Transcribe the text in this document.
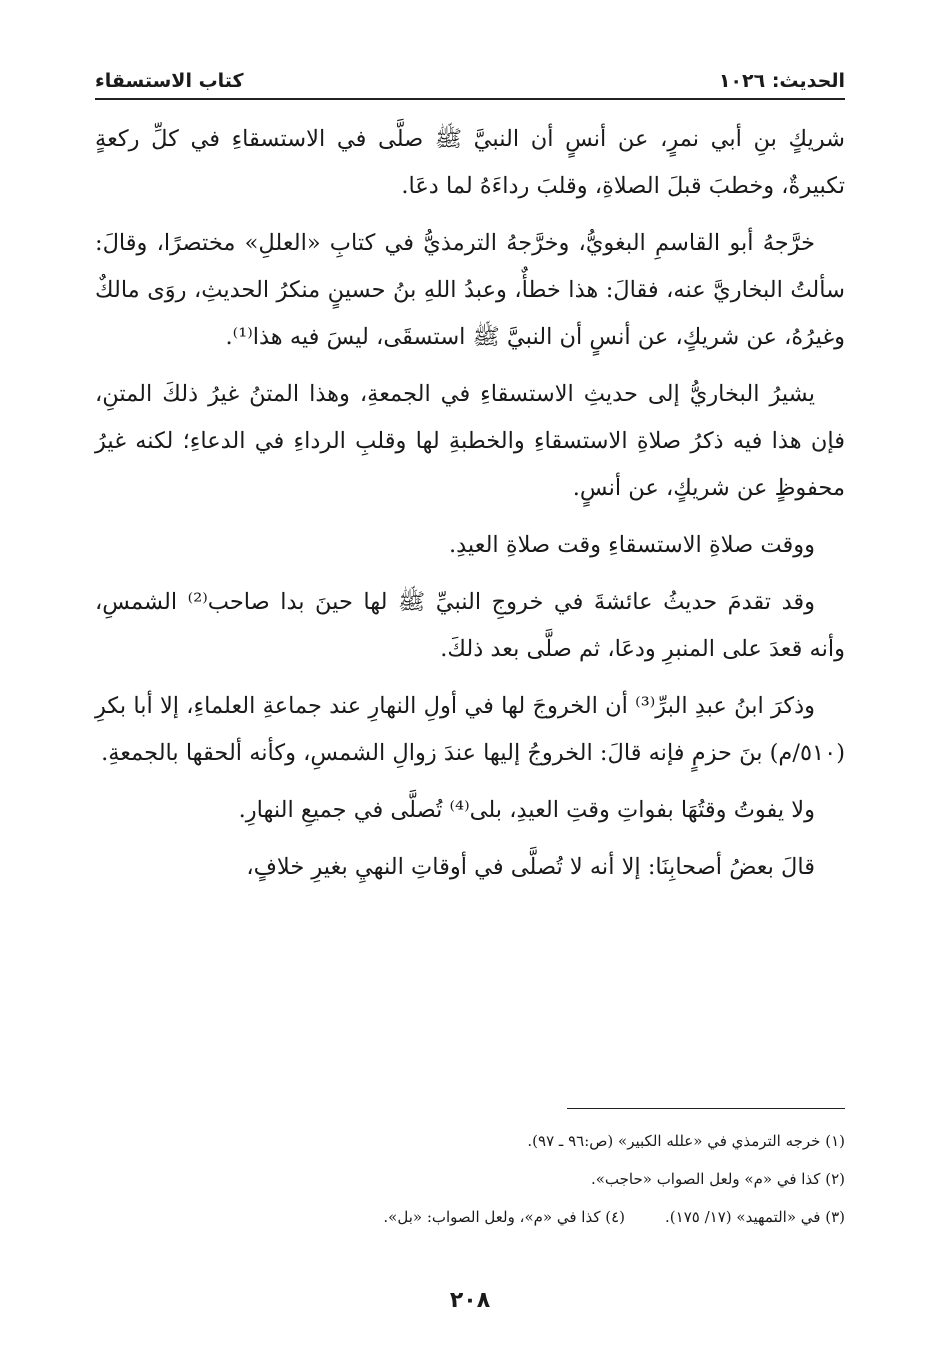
الحديث: ١٠٢٦
كتاب الاستسقاء

شريكٍ بنِ أبي نمرٍ، عن أنسٍ أن النبيَّ ﷺ صلَّى في الاستسقاءِ في كلِّ ركعةٍ تكبيرةٌ، وخطبَ قبلَ الصلاةِ، وقلبَ رداءَهُ لما دعَا.

خرَّجهُ أبو القاسمِ البغويُّ، وخرَّجهُ الترمذيُّ في كتابِ «العللِ» مختصرًا، وقالَ: سألتُ البخاريَّ عنه، فقالَ: هذا خطأٌ، وعبدُ اللهِ بنُ حسينٍ منكرُ الحديثِ، روَى مالكٌ وغيرُهُ، عن شريكٍ، عن أنسٍ أن النبيَّ ﷺ استسقَى، ليسَ فيه هذا⁽¹⁾.

يشيرُ البخاريُّ إلى حديثِ الاستسقاءِ في الجمعةِ، وهذا المتنُ غيرُ ذلكَ المتنِ، فإن هذا فيه ذكرُ صلاةِ الاستسقاءِ والخطبةِ لها وقلبِ الرداءِ في الدعاءِ؛ لكنه غيرُ محفوظٍ عن شريكٍ، عن أنسٍ.

ووقت صلاةِ الاستسقاءِ وقت صلاةِ العيدِ.

وقد تقدمَ حديثُ عائشةَ في خروجِ النبيِّ ﷺ لها حينَ بدا صاحب⁽²⁾ الشمسِ، وأنه قعدَ على المنبرِ ودعَا، ثم صلَّى بعد ذلكَ.

وذكرَ ابنُ عبدِ البرِّ⁽³⁾ أن الخروجَ لها في أولِ النهارِ عند جماعةِ العلماءِ، إلا أبا بكرِ (٥١٠/م) بنَ حزمٍ فإنه قالَ: الخروجُ إليها عندَ زوالِ الشمسِ، وكأنه ألحقها بالجمعةِ.

ولا يفوتُ وقتُهَا بفواتِ وقتِ العيدِ، بلى⁽⁴⁾ تُصلَّى في جميعِ النهارِ.

قالَ بعضُ أصحابِنَا: إلا أنه لا تُصلَّى في أوقاتِ النهيِ بغيرِ خلافٍ،

(١) خرجه الترمذي في «علله الكبير» (ص:٩٦ ـ ٩٧).
(٢) كذا في «م» ولعل الصواب «حاجب».
(٣) في «التمهيد» (١٧/ ١٧٥).
(٤) كذا في «م»، ولعل الصواب: «بل».
٢٠٨
